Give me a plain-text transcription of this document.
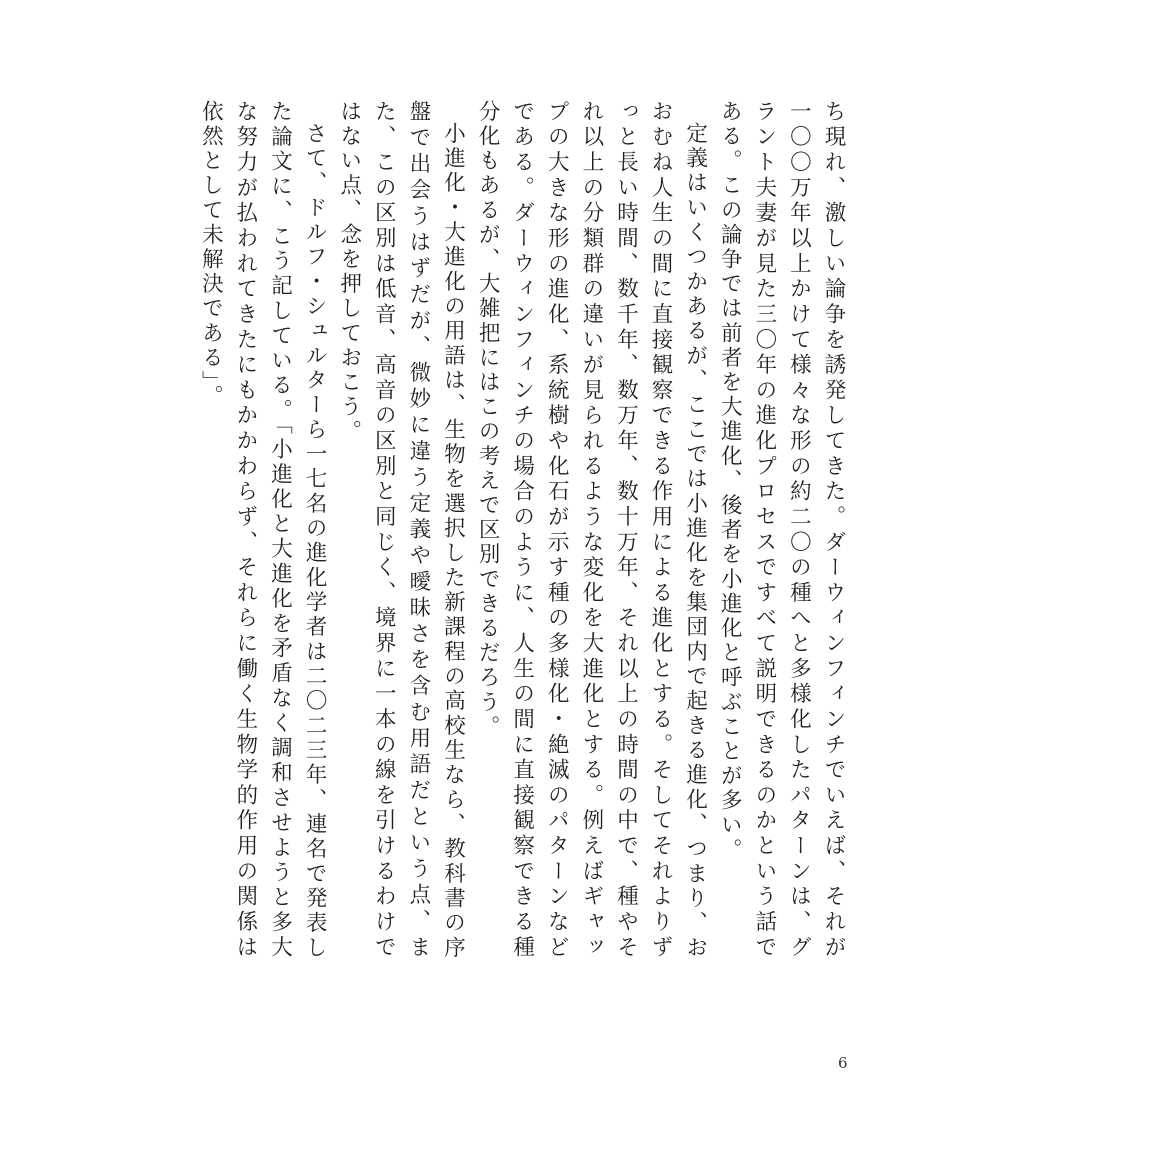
ち現れ、激しい論争を誘発してきた。ダーウィンフィンチでいえば、それが一〇〇万年以上かけて様々な形の約二〇の種へと多様化したパターンは、グラント夫妻が見た三〇年の進化プロセスですべて説明できるのかという話である。この論争では前者を大進化、後者を小進化と呼ぶことが多い。

定義はいくつかあるが、ここでは小進化を集団内で起きる進化、つまり、おおむね人生の間に直接観察できる作用による進化とする。そしてそれよりずっと長い時間、数千年、数万年、数十万年、それ以上の時間の中で、種やそれ以上の分類群の違いが見られるような変化を大進化とする。例えばギャップの大きな形の進化、系統樹や化石が示す種の多様化・絶滅のパターンなどである。ダーウィンフィンチの場合のように、人生の間に直接観察できる種分化もあるが、大雑把にはこの考えで区別できるだろう。

小進化・大進化の用語は、生物を選択した新課程の高校生なら、教科書の序盤で出会うはずだが、微妙に違う定義や曖昧さを含む用語だという点、また、この区別は低音、高音の区別と同じく、境界に一本の線を引けるわけではない点、念を押しておこう。

さて、ドルフ・シュルターら一七名の進化学者は二〇二三年、連名で発表した論文に、こう記している。「小進化と大進化を矛盾なく調和させようと多大な努力が払われてきたにもかかわらず、それらに働く生物学的作用の関係は依然として未解決である」。

6
